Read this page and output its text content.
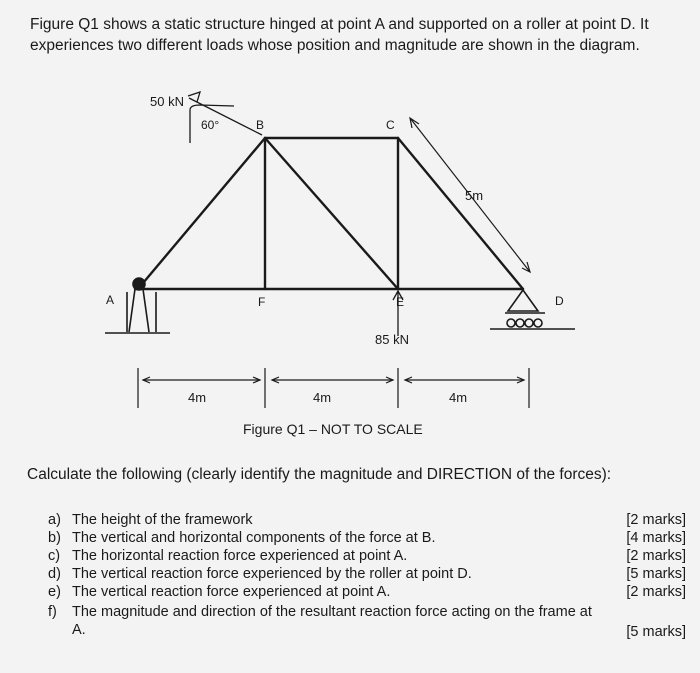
Figure Q1 shows a static structure hinged at point A and supported on a roller at point D. It experiences two different loads whose position and magnitude are shown in the diagram.
50 kN
60°
85 kN
5m
A
B	C
D
E
F
4m	4m	4m
Figure Q1 – NOT TO SCALE
Calculate the following (clearly identify the magnitude and DIRECTION of the forces):
a) The height of the framework	[2 marks]
b) The vertical and horizontal components of the force at B.	[4 marks]
c) The horizontal reaction force experienced at point A.	[2 marks]
d) The vertical reaction force experienced by the roller at point D.	[5 marks]
e) The vertical reaction force experienced at point A.	[2 marks]
f)	The magnitude and direction of the resultant reaction force acting on the frame at A.	[5 marks]
